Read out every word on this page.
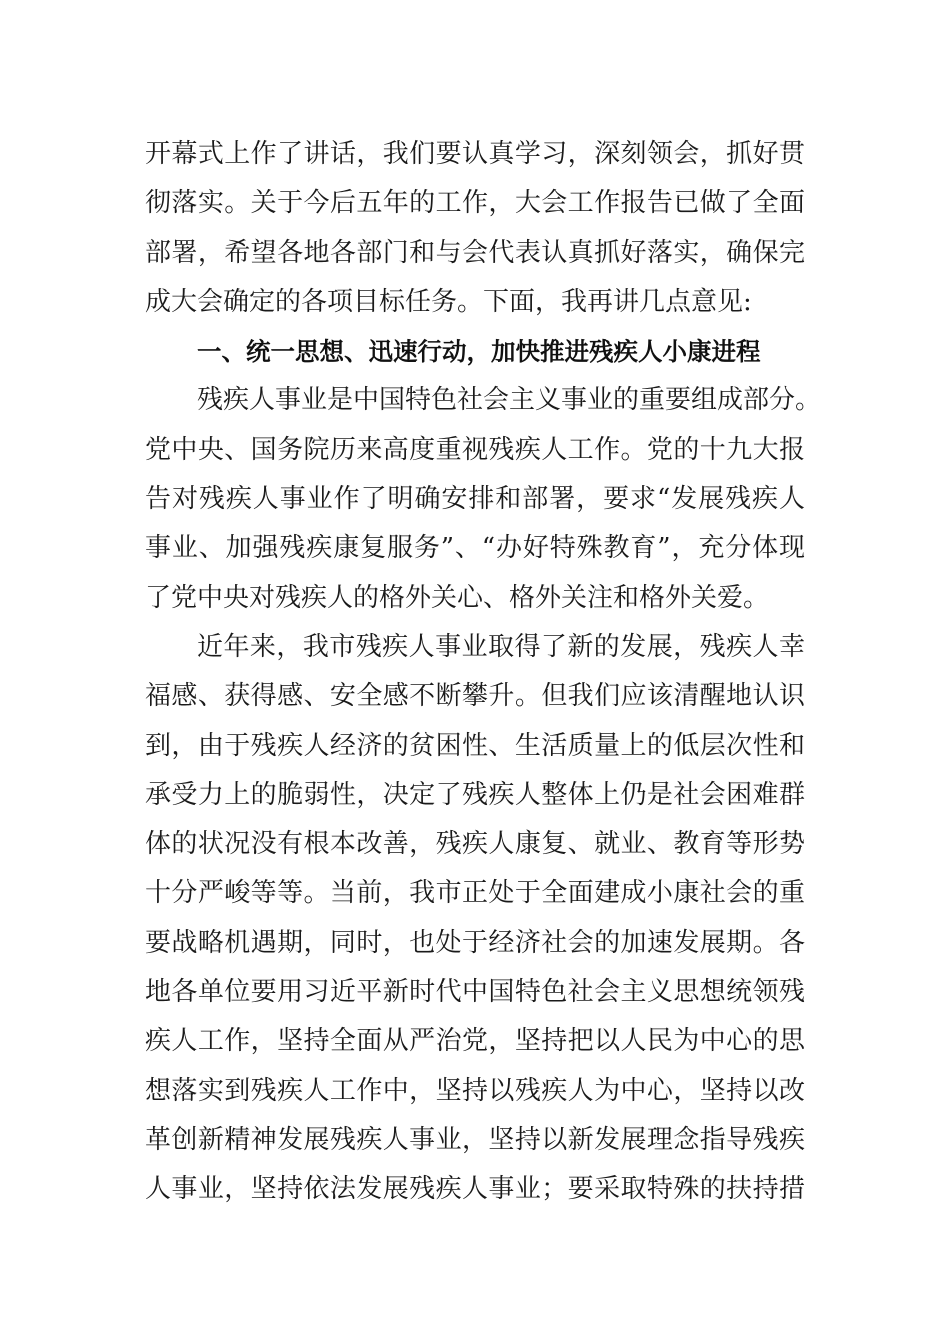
开幕式上作了讲话，我们要认真学习，深刻领会，抓好贯
彻落实。关于今后五年的工作，大会工作报告已做了全面
部署，希望各地各部门和与会代表认真抓好落实，确保完
成大会确定的各项目标任务。下面，我再讲几点意见:
一、统一思想、迅速行动，加快推进残疾人小康进程
残疾人事业是中国特色社会主义事业的重要组成部分。
党中央、国务院历来高度重视残疾人工作。党的十九大报
告对残疾人事业作了明确安排和部署，要求“发展残疾人
事业、加强残疾康复服务”、“办好特殊教育”，充分体现
了党中央对残疾人的格外关心、格外关注和格外关爱。
近年来，我市残疾人事业取得了新的发展，残疾人幸
福感、获得感、安全感不断攀升。但我们应该清醒地认识
到，由于残疾人经济的贫困性、生活质量上的低层次性和
承受力上的脆弱性，决定了残疾人整体上仍是社会困难群
体的状况没有根本改善，残疾人康复、就业、教育等形势
十分严峻等等。当前，我市正处于全面建成小康社会的重
要战略机遇期，同时，也处于经济社会的加速发展期。各
地各单位要用习近平新时代中国特色社会主义思想统领残
疾人工作，坚持全面从严治党，坚持把以人民为中心的思
想落实到残疾人工作中，坚持以残疾人为中心，坚持以改
革创新精神发展残疾人事业，坚持以新发展理念指导残疾
人事业，坚持依法发展残疾人事业；要采取特殊的扶持措
